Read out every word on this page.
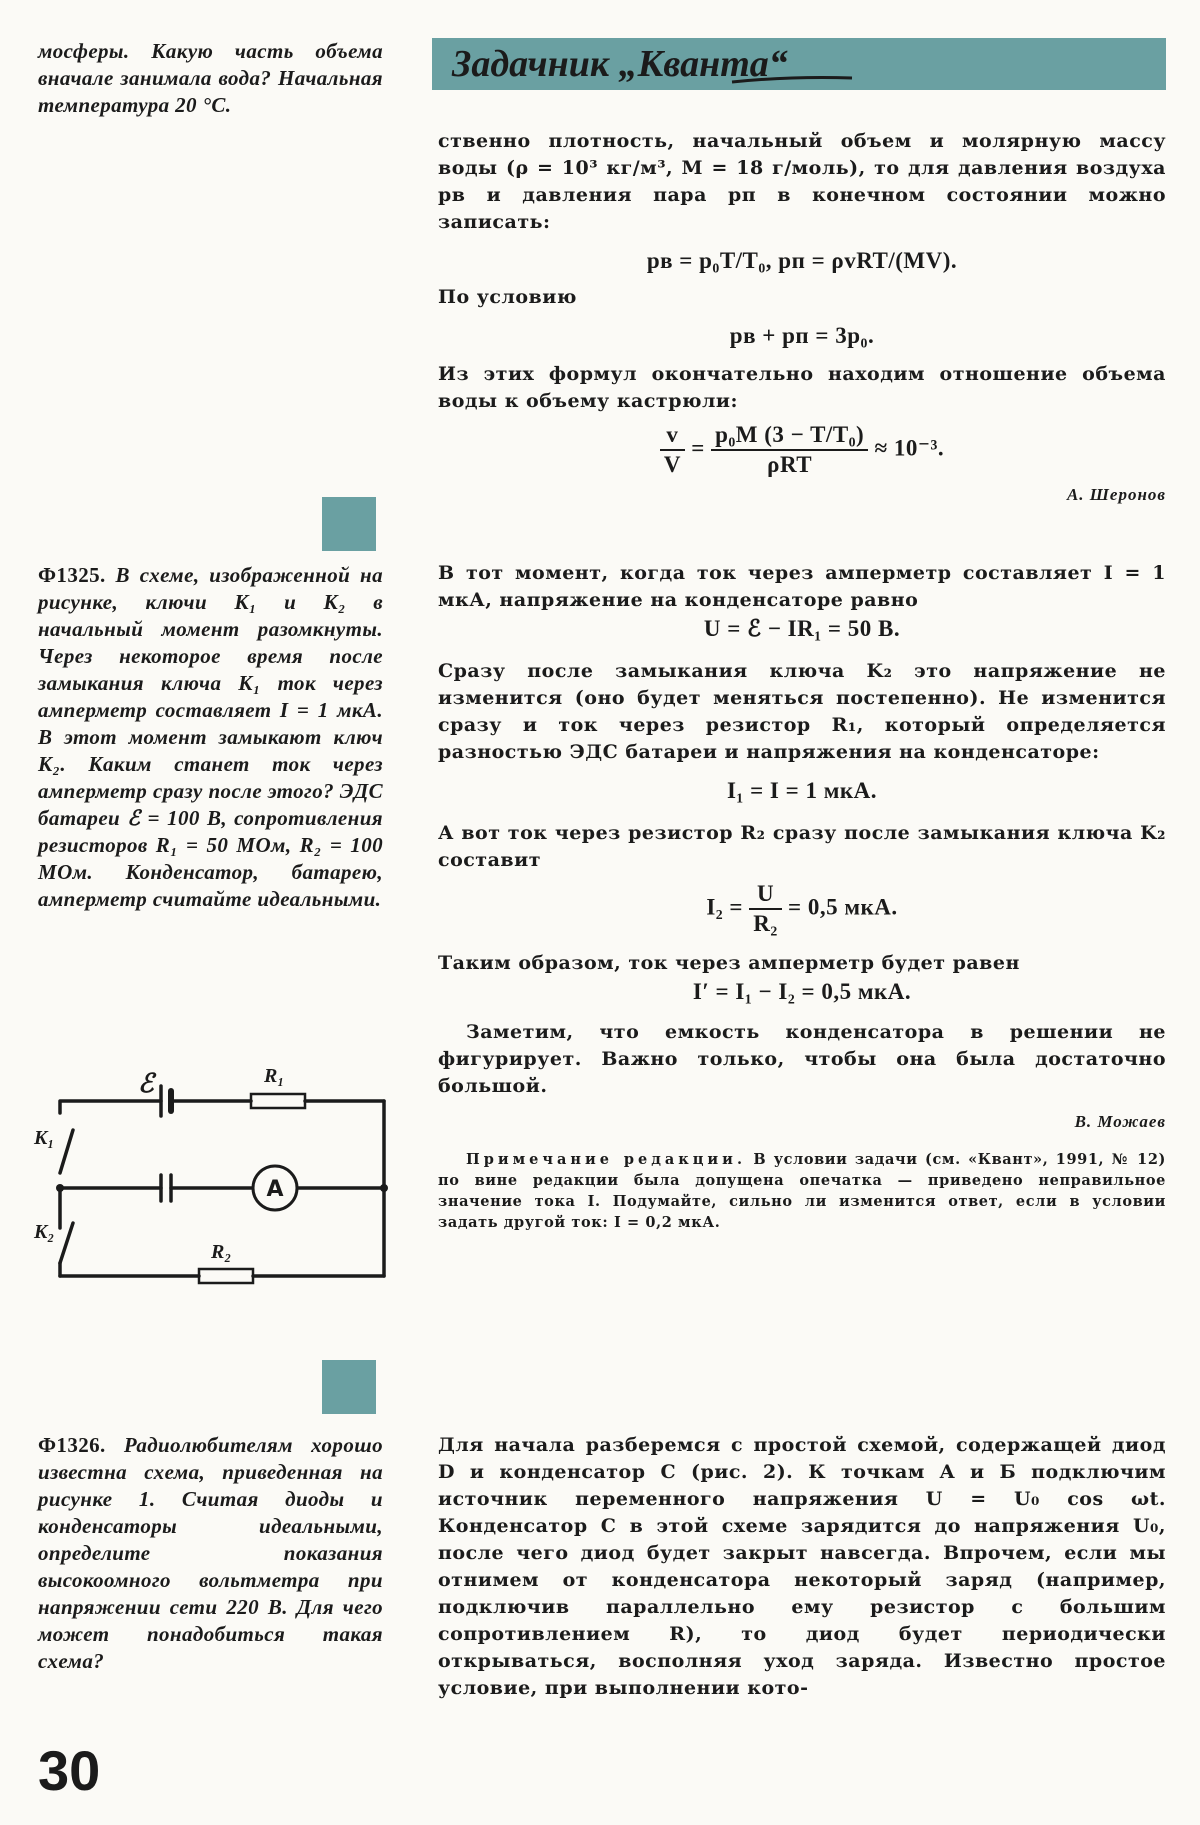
мосферы. Какую часть объема вначале занимала вода? Начальная температура 20 °С.
Ф1325. В схеме, изображенной на рисунке, ключи К₁ и К₂ в начальный момент разомкнуты. Через некоторое время после замыкания ключа К₁ ток через амперметр составляет I = 1 мкА. В этот момент замыкают ключ К₂. Каким станет ток через амперметр сразу после этого? ЭДС батареи ℰ = 100 В, сопротивления резисторов R₁ = 50 МОм, R₂ = 100 МОм. Конденсатор, батарею, амперметр считайте идеальными.
A
ℰ	R₁
R₂
K₁
K₂
Ф1326. Радиолюбителям хорошо известна схема, приведенная на рисунке 1. Считая диоды и конденсаторы идеальными, определите показания высокоомного вольтметра при напряжении сети 220 В. Для чего может понадобиться такая схема?
30
Задачник „Кванта“

ственно плотность, начальный объем и молярную массу воды (ρ = 10³ кг/м³, M = 18 г/моль), то для давления воздуха pв и давления пара pп в конечном состоянии можно записать:

pв = p₀T/T₀, pп = ρvRT/(MV).

По условию

pв + pп = 3p₀.

Из этих формул окончательно находим отношение объема воды к объему кастрюли:

$\frac{v}{V} = \frac{\text{p₀M (3 − T/T₀)}}{\text{ρRT}} \approx 10^{-3}$.
А. Шеронов

В тот момент, когда ток через амперметр составляет I = 1 мкА, напряжение на конденсаторе равно

U = ℰ − IR₁ = 50 В.

Сразу после замыкания ключа K₂ это напряжение не изменится (оно будет меняться постепенно). Не изменится сразу и ток через резистор R₁, который определяется разностью ЭДС батареи и напряжения на конденсаторе:

I₁ = I = 1 мкА.

А вот ток через резистор R₂ сразу после замыкания ключа K₂ составит

$I_2 = \frac{U}{\text{R₂}} = 0,5$ мкА.

Таким образом, ток через амперметр будет равен

I′ = I₁ − I₂ = 0,5 мкА.

Заметим, что емкость конденсатора в решении не фигурирует. Важно только, чтобы она была достаточно большой.

В. Можаев
Примечание редакции. В условии задачи (см. «Квант», 1991, № 12) по вине редакции была допущена опечатка — приведено неправильное значение тока I. Подумайте, сильно ли изменится ответ, если в условии задать другой ток: I = 0,2 мкА.

Для начала разберемся с простой схемой, содержащей диод D и конденсатор C (рис. 2). К точкам A и Б подключим источник переменного напряжения U = U₀ cos ωt. Конденсатор C в этой схеме зарядится до напряжения U₀, после чего диод будет закрыт навсегда. Впрочем, если мы отнимем от конденсатора некоторый заряд (например, подключив параллельно ему резистор с большим сопротивлением R), то диод будет периодически открываться, восполняя уход заряда. Известно простое условие, при выполнении кото-
